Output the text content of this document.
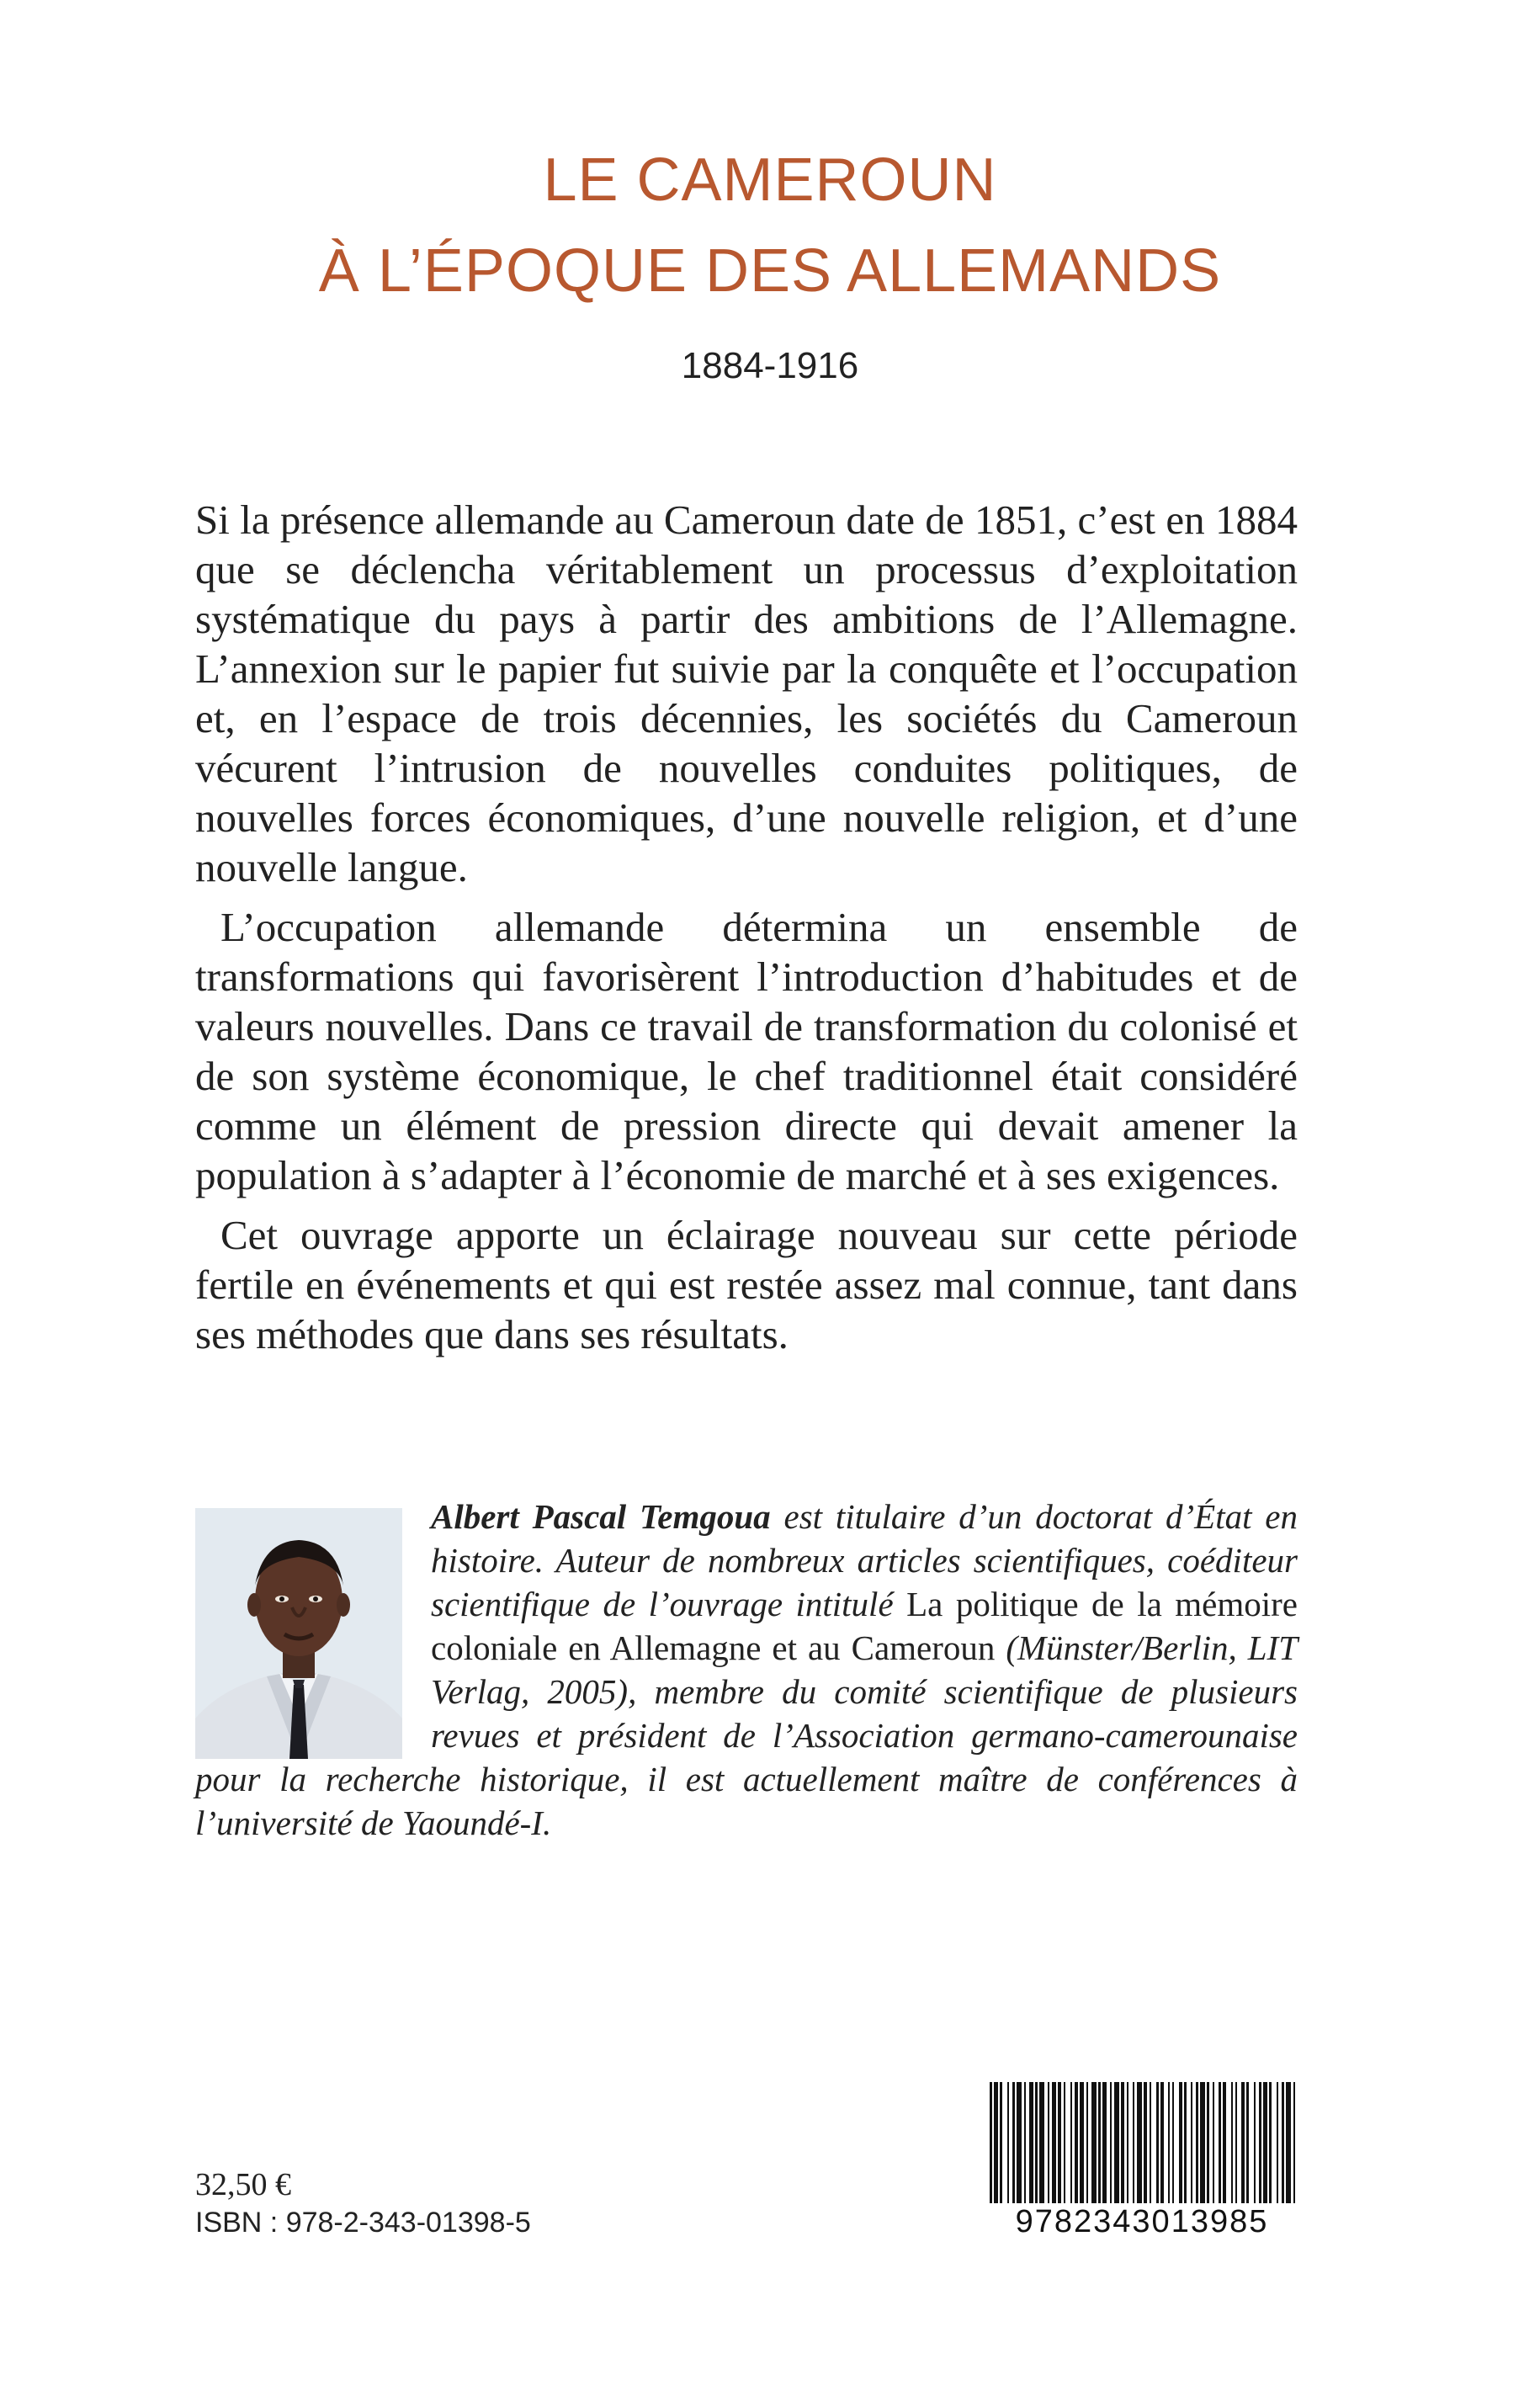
LE CAMEROUN
À L’ÉPOQUE DES ALLEMANDS

1884-1916

Si la présence allemande au Cameroun date de 1851, c’est en 1884 que se déclencha véritablement un processus d’exploitation systématique du pays à partir des ambitions de l’Allemagne. L’annexion sur le papier fut suivie par la conquête et l’occupation et, en l’espace de trois décennies, les sociétés du Cameroun vécurent l’intrusion de nouvelles conduites politiques, de nouvelles forces économiques, d’une nouvelle religion, et d’une nouvelle langue.

L’occupation allemande détermina un ensemble de transformations qui favorisèrent l’introduction d’habitudes et de valeurs nouvelles. Dans ce travail de transformation du colonisé et de son système économique, le chef traditionnel était considéré comme un élément de pression directe qui devait amener la population à s’adapter à l’économie de marché et à ses exigences.

Cet ouvrage apporte un éclairage nouveau sur cette période fertile en événements et qui est restée assez mal connue, tant dans ses méthodes que dans ses résultats.

Albert Pascal Temgoua est titulaire d’un doctorat d’État en histoire. Auteur de nombreux articles scientifiques, coéditeur scientifique de l’ouvrage intitulé La politique de la mémoire coloniale en Allemagne et au Cameroun (Münster/Berlin, LIT Verlag, 2005), membre du comité scientifique de plusieurs revues et président de l’Association germano-camerounaise pour la recherche historique, il est actuellement maître de conférences à l’université de Yaoundé-I.
32,50 €
ISBN : 978-2-343-01398-5	9782343013985
